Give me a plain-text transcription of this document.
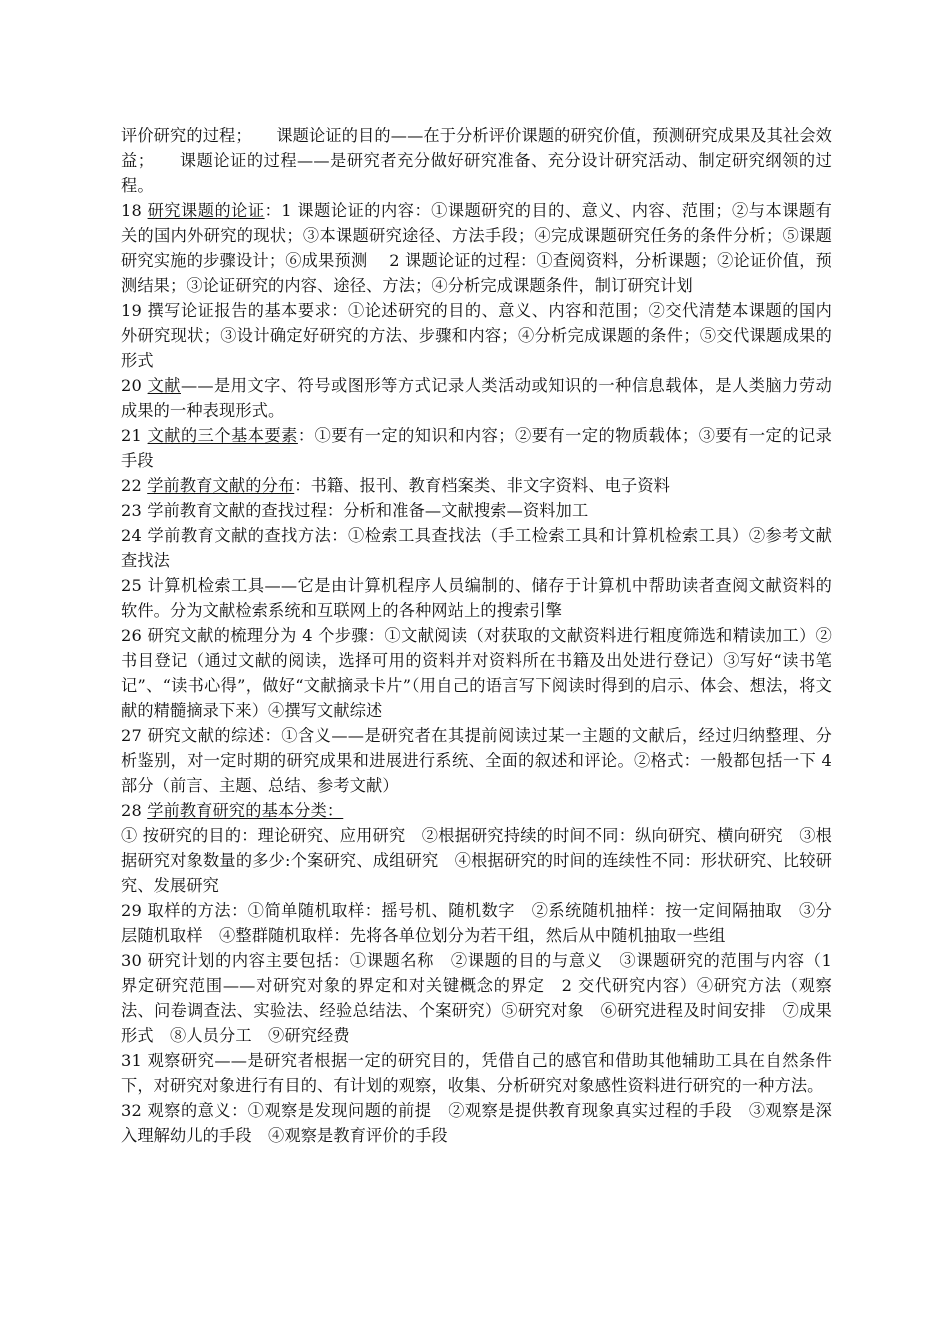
评价研究的过程；　　课题论证的目的——在于分析评价课题的研究价值，预测研究成果及其社会效益；　　课题论证的过程——是研究者充分做好研究准备、充分设计研究活动、制定研究纲领的过程。

18 研究课题的论证：1 课题论证的内容：①课题研究的目的、意义、内容、范围；②与本课题有关的国内外研究的现状；③本课题研究途径、方法手段；④完成课题研究任务的条件分析；⑤课题研究实施的步骤设计；⑥成果预测　 2 课题论证的过程：①查阅资料，分析课题；②论证价值，预测结果；③论证研究的内容、途径、方法；④分析完成课题条件，制订研究计划

19 撰写论证报告的基本要求：①论述研究的目的、意义、内容和范围；②交代清楚本课题的国内外研究现状；③设计确定好研究的方法、步骤和内容；④分析完成课题的条件；⑤交代课题成果的形式

20 文献——是用文字、符号或图形等方式记录人类活动或知识的一种信息载体，是人类脑力劳动成果的一种表现形式。

21 文献的三个基本要素：①要有一定的知识和内容；②要有一定的物质载体；③要有一定的记录手段

22 学前教育文献的分布：书籍、报刊、教育档案类、非文字资料、电子资料

23 学前教育文献的查找过程：分析和准备—文献搜索—资料加工

24 学前教育文献的查找方法：①检索工具查找法（手工检索工具和计算机检索工具）②参考文献查找法

25 计算机检索工具——它是由计算机程序人员编制的、储存于计算机中帮助读者查阅文献资料的软件。分为文献检索系统和互联网上的各种网站上的搜索引擎

26 研究文献的梳理分为 4 个步骤：①文献阅读（对获取的文献资料进行粗度筛选和精读加工）②书目登记（通过文献的阅读，选择可用的资料并对资料所在书籍及出处进行登记）③写好“读书笔记”、“读书心得”，做好“文献摘录卡片”（用自己的语言写下阅读时得到的启示、体会、想法，将文献的精髓摘录下来）④撰写文献综述

27 研究文献的综述：①含义——是研究者在其提前阅读过某一主题的文献后，经过归纳整理、分析鉴别，对一定时期的研究成果和进展进行系统、全面的叙述和评论。②格式：一般都包括一下 4 部分（前言、主题、总结、参考文献）

28 学前教育研究的基本分类：

① 按研究的目的：理论研究、应用研究　②根据研究持续的时间不同：纵向研究、横向研究　③根据研究对象数量的多少:个案研究、成组研究　④根据研究的时间的连续性不同：形状研究、比较研究、发展研究

29 取样的方法：①简单随机取样：摇号机、随机数字　②系统随机抽样：按一定间隔抽取　③分层随机取样　④整群随机取样：先将各单位划分为若干组，然后从中随机抽取一些组

30 研究计划的内容主要包括：①课题名称　②课题的目的与意义　③课题研究的范围与内容（1 界定研究范围——对研究对象的界定和对关键概念的界定　2 交代研究内容）④研究方法（观察法、问卷调查法、实验法、经验总结法、个案研究）⑤研究对象　⑥研究进程及时间安排　⑦成果形式　⑧人员分工　⑨研究经费

31 观察研究——是研究者根据一定的研究目的，凭借自己的感官和借助其他辅助工具在自然条件下，对研究对象进行有目的、有计划的观察，收集、分析研究对象感性资料进行研究的一种方法。

32 观察的意义：①观察是发现问题的前提　②观察是提供教育现象真实过程的手段　③观察是深入理解幼儿的手段　④观察是教育评价的手段
